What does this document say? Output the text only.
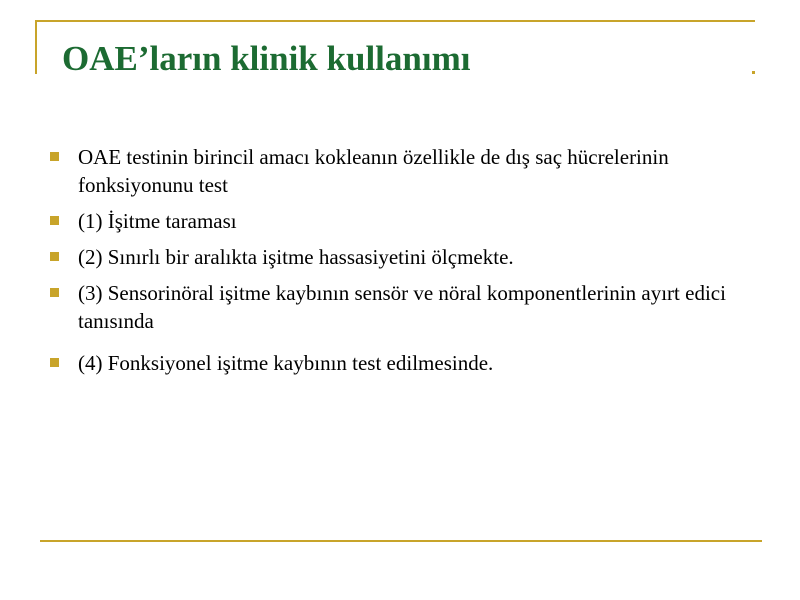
OAE’ların klinik kullanımı
OAE testinin birincil amacı kokleanın özellikle de dış saç hücrelerinin fonksiyonunu test
(1) İşitme taraması
(2) Sınırlı bir aralıkta işitme hassasiyetini ölçmekte.
(3) Sensorinöral işitme kaybının sensör ve nöral komponentlerinin ayırt edici tanısında
(4) Fonksiyonel işitme kaybının test edilmesinde.
